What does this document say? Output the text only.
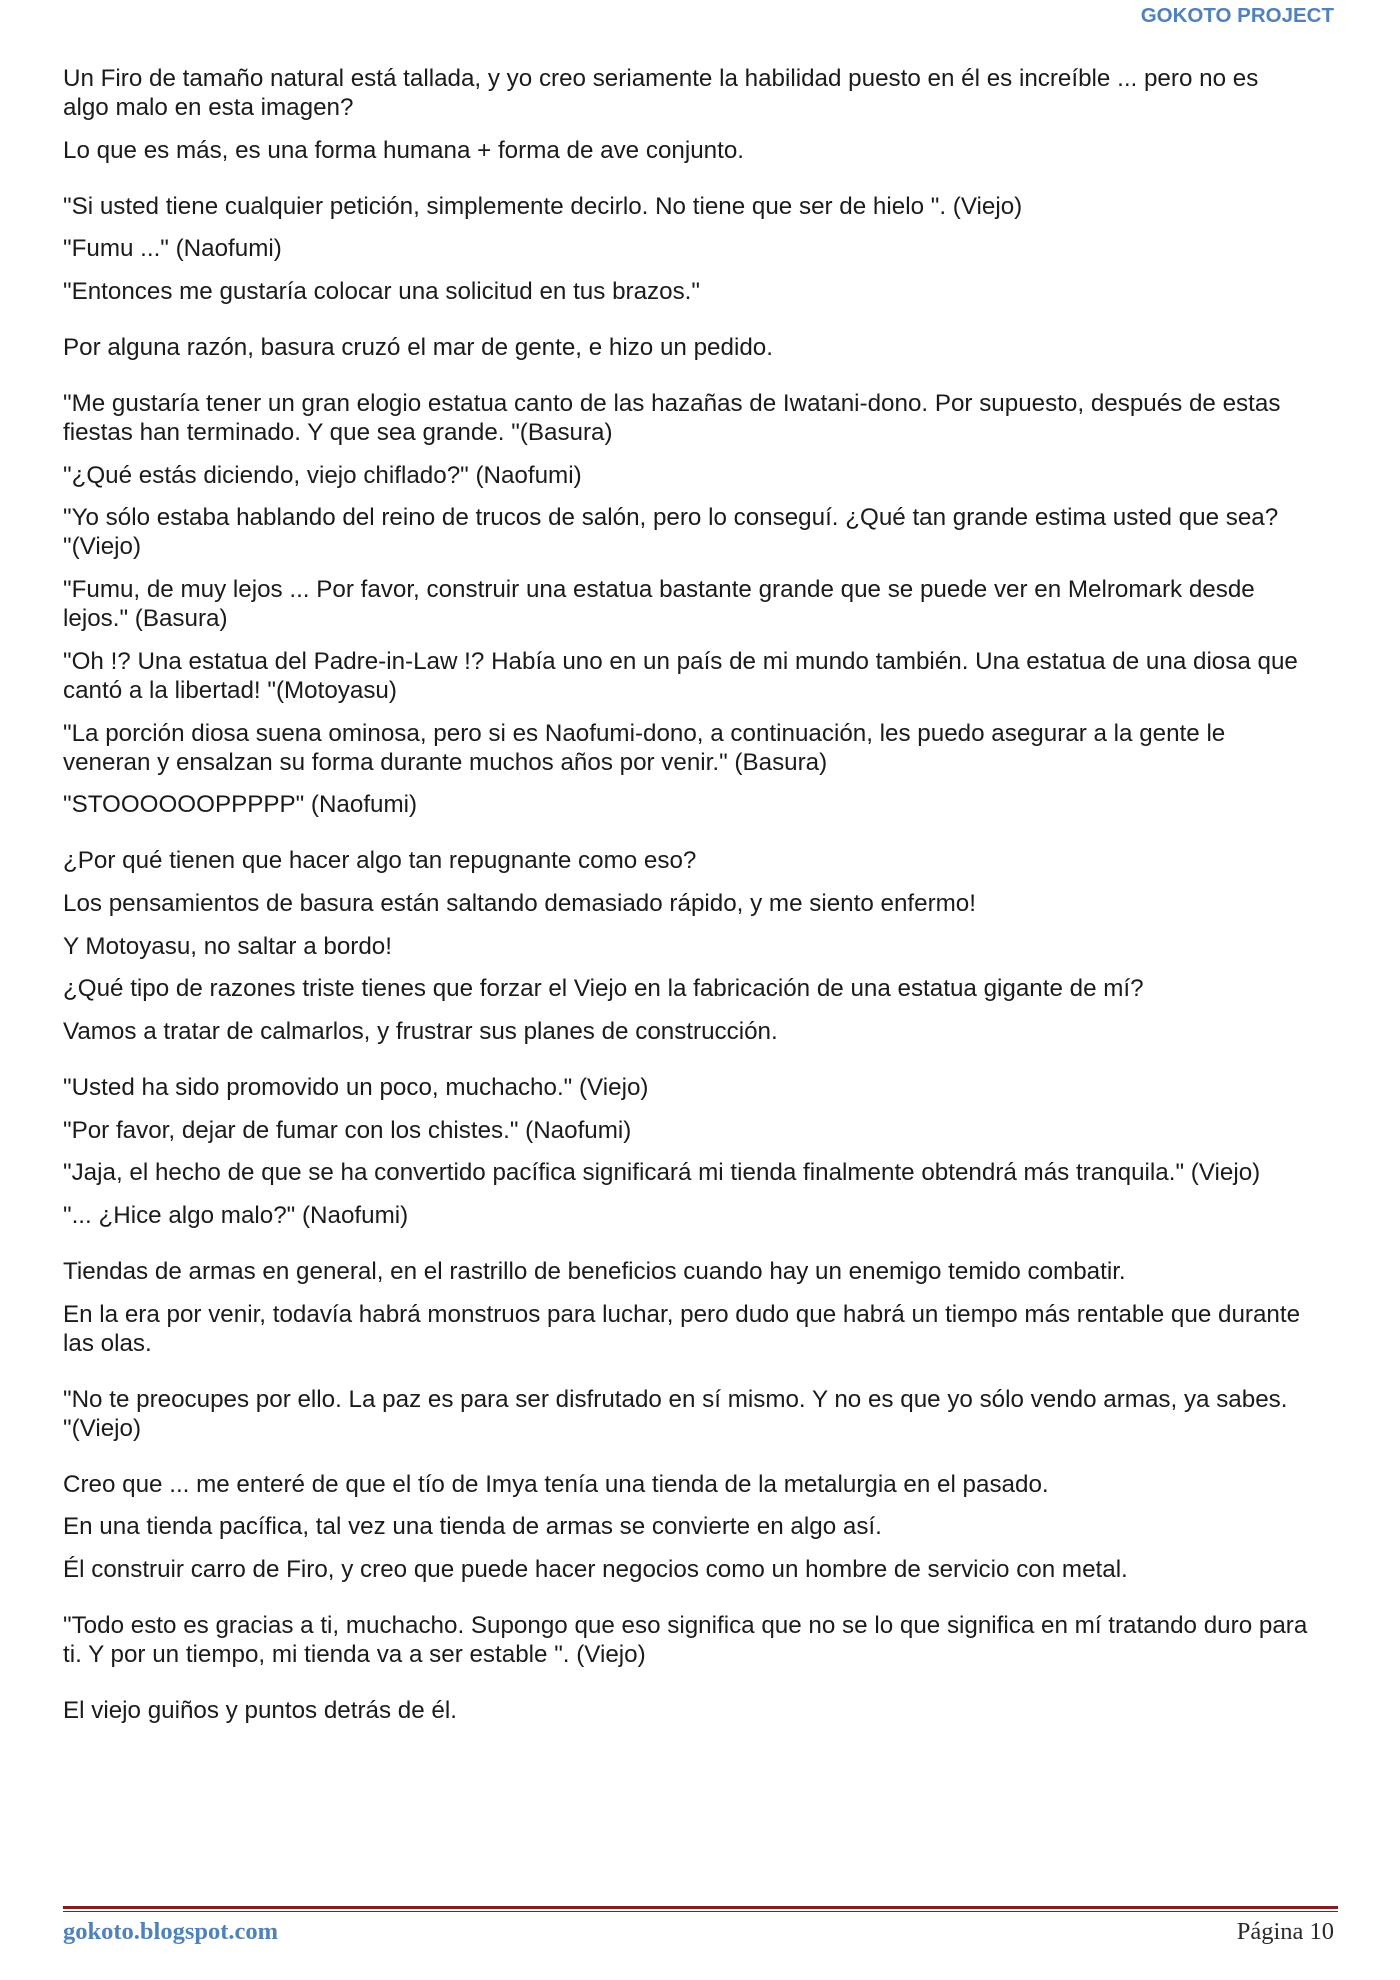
GOKOTO PROJECT

Un Firo de tamaño natural está tallada, y yo creo seriamente la habilidad puesto en él es increíble ... pero no es
algo malo en esta imagen?

Lo que es más, es una forma humana + forma de ave conjunto.

"Si usted tiene cualquier petición, simplemente decirlo. No tiene que ser de hielo ". (Viejo)

"Fumu ..." (Naofumi)

"Entonces me gustaría colocar una solicitud en tus brazos."

Por alguna razón, basura cruzó el mar de gente, e hizo un pedido.

"Me gustaría tener un gran elogio estatua canto de las hazañas de Iwatani-dono. Por supuesto, después de estas
fiestas han terminado. Y que sea grande. "(Basura)

"¿Qué estás diciendo, viejo chiflado?" (Naofumi)

"Yo sólo estaba hablando del reino de trucos de salón, pero lo conseguí. ¿Qué tan grande estima usted que sea?
"(Viejo)

"Fumu, de muy lejos ... Por favor, construir una estatua bastante grande que se puede ver en Melromark desde
lejos." (Basura)

"Oh !? Una estatua del Padre-in-Law !? Había uno en un país de mi mundo también. Una estatua de una diosa que
cantó a la libertad! "(Motoyasu)

"La porción diosa suena ominosa, pero si es Naofumi-dono, a continuación, les puedo asegurar a la gente le
veneran y ensalzan su forma durante muchos años por venir." (Basura)

"STOOOOOOPPPPP" (Naofumi)

¿Por qué tienen que hacer algo tan repugnante como eso?

Los pensamientos de basura están saltando demasiado rápido, y me siento enfermo!

Y Motoyasu, no saltar a bordo!

¿Qué tipo de razones triste tienes que forzar el Viejo en la fabricación de una estatua gigante de mí?

Vamos a tratar de calmarlos, y frustrar sus planes de construcción.

"Usted ha sido promovido un poco, muchacho." (Viejo)

"Por favor, dejar de fumar con los chistes." (Naofumi)

"Jaja, el hecho de que se ha convertido pacífica significará mi tienda finalmente obtendrá más tranquila." (Viejo)

"... ¿Hice algo malo?" (Naofumi)

Tiendas de armas en general, en el rastrillo de beneficios cuando hay un enemigo temido combatir.

En la era por venir, todavía habrá monstruos para luchar, pero dudo que habrá un tiempo más rentable que durante
las olas.

"No te preocupes por ello. La paz es para ser disfrutado en sí mismo. Y no es que yo sólo vendo armas, ya sabes.
"(Viejo)

Creo que ... me enteré de que el tío de Imya tenía una tienda de la metalurgia en el pasado.

En una tienda pacífica, tal vez una tienda de armas se convierte en algo así.

Él construir carro de Firo, y creo que puede hacer negocios como un hombre de servicio con metal.

"Todo esto es gracias a ti, muchacho. Supongo que eso significa que no se lo que significa en mí tratando duro para
ti. Y por un tiempo, mi tienda va a ser estable ". (Viejo)

El viejo guiños y puntos detrás de él.

gokoto.blogspot.com	Página 10
